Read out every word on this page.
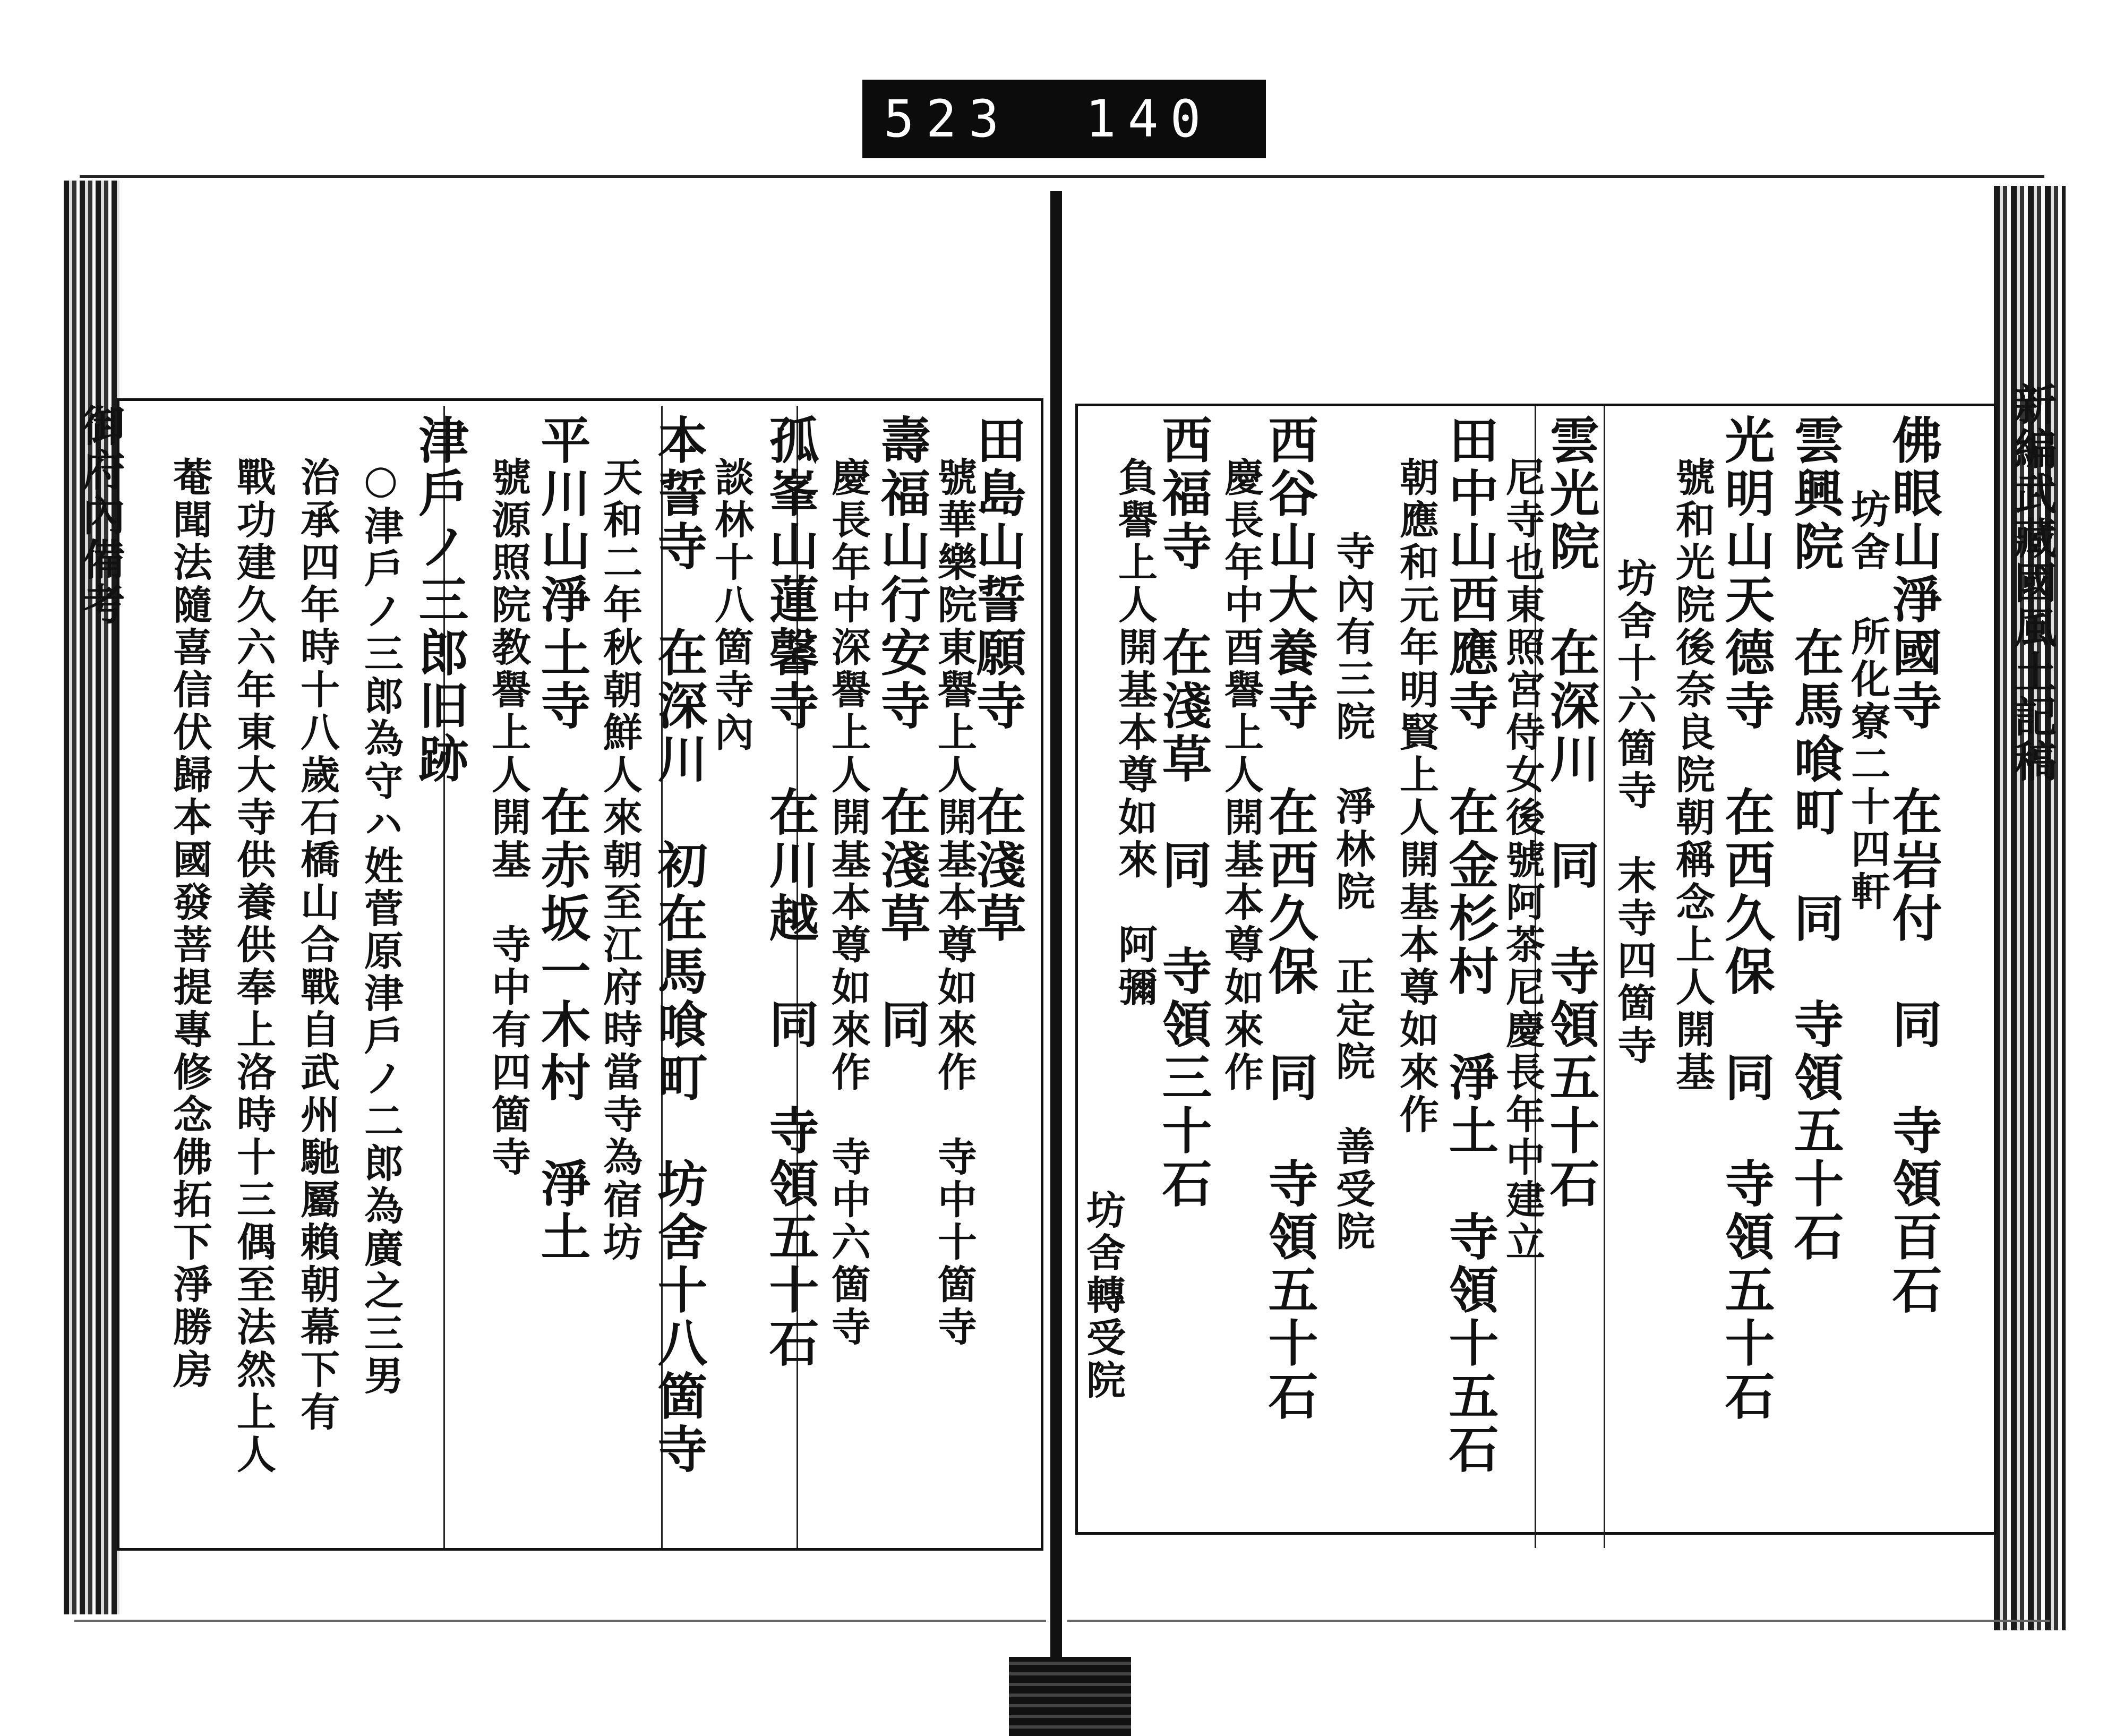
523 140
新編武藏國風土記稿
御府內備考	佛眼山淨國寺　在岩付　同　寺領百石
坊舍　所化寮二十四軒
雲興院　在馬喰町　同　寺領五十石
光明山天德寺　在西久保　同　寺領五十石
號和光院後奈良院朝稱念上人開基
坊舍十六箇寺　末寺四箇寺
雲光院　在深川　同　寺領五十石
尼寺也東照宮侍女後號阿茶尼慶長年中建立
田中山西應寺　在金杉村　淨土　寺領十五石
朝應和元年明賢上人開基本尊如來作
寺內有三院　淨林院　正定院　善受院
西谷山大養寺　在西久保　同　寺領五十石
慶長年中酉譽上人開基本尊如來作
西福寺　在淺草　同　寺領三十石
負譽上人開基本尊如來　阿彌
坊舍轉受院
田島山誓願寺　在淺草
號華樂院東譽上人開基本尊如來作　寺中十箇寺
壽福山行安寺　在淺草　同
慶長年中深譽上人開基本尊如來作　寺中六箇寺
孤峯山蓮馨寺　在川越　同　寺領五十石
談林十八箇寺內
本誓寺　在深川　初在馬喰町　坊舍十八箇寺
天和二年秋朝鮮人來朝至江府時當寺為宿坊
平川山淨土寺　在赤坂一木村　淨土
號源照院教譽上人開基　寺中有四箇寺
津戶ノ三郎旧跡
○津戶ノ三郎為守ハ姓菅原津戶ノ二郎為廣之三男
治承四年時十八歲石橋山合戰自武州馳屬賴朝幕下有
戰功建久六年東大寺供養供奉上洛時十三偶至法然上人
菴聞法隨喜信伏歸本國發菩提專修念佛拓下淨勝房
